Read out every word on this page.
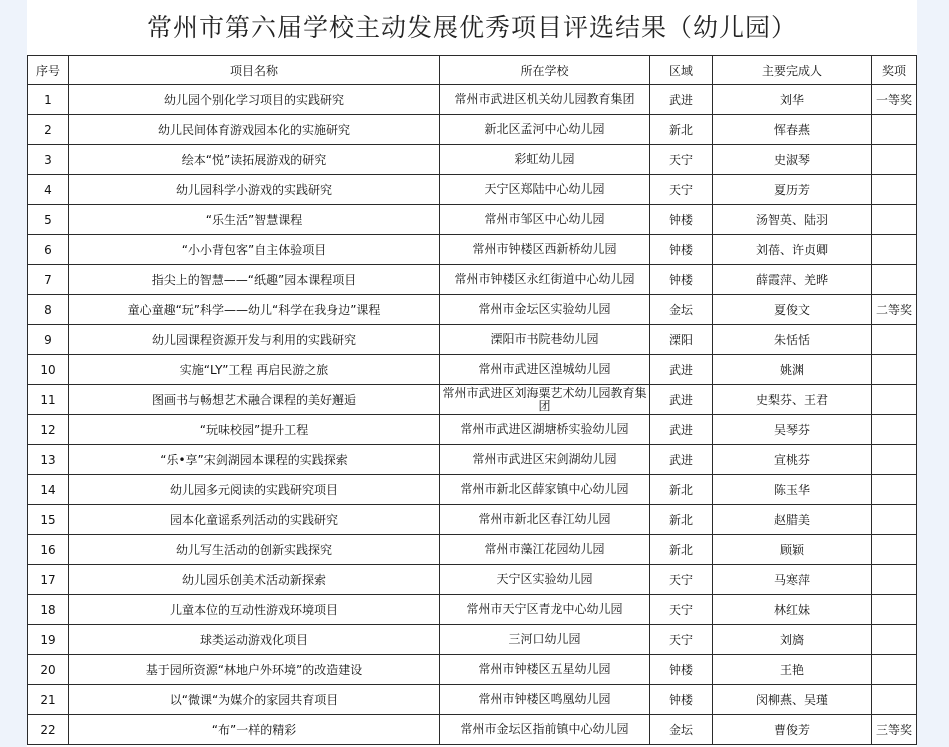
常州市第六届学校主动发展优秀项目评选结果（幼儿园）
序号	项目名称	所在学校	区域	主要完成人	奖项
1	幼儿园个别化学习项目的实践研究	常州市武进区机关幼儿园教育集团	武进	刘华	一等奖
2	幼儿民间体育游戏园本化的实施研究	新北区孟河中心幼儿园	新北	恽春燕	
3	绘本“悦”读拓展游戏的研究	彩虹幼儿园	天宁	史淑琴	
4	幼儿园科学小游戏的实践研究	天宁区郑陆中心幼儿园	天宁	夏历芳	
5	“乐生活”智慧课程	常州市邹区中心幼儿园	钟楼	汤智英、陆羽	
6	“小小背包客”自主体验项目	常州市钟楼区西新桥幼儿园	钟楼	刘蓓、许贞卿	
7	指尖上的智慧——“纸趣”园本课程项目	常州市钟楼区永红街道中心幼儿园	钟楼	薛霞萍、羌晔	
8	童心童趣“玩”科学——幼儿“科学在我身边”课程	常州市金坛区实验幼儿园	金坛	夏俊文	二等奖
9	幼儿园课程资源开发与利用的实践研究	溧阳市书院巷幼儿园	溧阳	朱恬恬	
10	实施“LY”工程 再启民游之旅	常州市武进区湟城幼儿园	武进	姚渊	
11	图画书与畅想艺术融合课程的美好邂逅	常州市武进区刘海粟艺术幼儿园教育集团	武进	史梨芬、王君	
12	“玩味校园”提升工程	常州市武进区湖塘桥实验幼儿园	武进	吴琴芬	
13	“乐•享”宋剑湖园本课程的实践探索	常州市武进区宋剑湖幼儿园	武进	宣桃芬	
14	幼儿园多元阅读的实践研究项目	常州市新北区薛家镇中心幼儿园	新北	陈玉华	
15	园本化童谣系列活动的实践研究	常州市新北区春江幼儿园	新北	赵腊美	
16	幼儿写生活动的创新实践探究	常州市藻江花园幼儿园	新北	顾颖	
17	幼儿园乐创美术活动新探索	天宁区实验幼儿园	天宁	马寒萍	
18	儿童本位的互动性游戏环境项目	常州市天宁区青龙中心幼儿园	天宁	林红妹	
19	球类运动游戏化项目	三河口幼儿园	天宁	刘旖	
20	基于园所资源“林地户外环境”的改造建设	常州市钟楼区五星幼儿园	钟楼	王艳	
21	以“微课“为媒介的家园共育项目	常州市钟楼区鸣凰幼儿园	钟楼	闵柳燕、吴瑾	
22	“布”一样的精彩	常州市金坛区指前镇中心幼儿园	金坛	曹俊芳	三等奖
